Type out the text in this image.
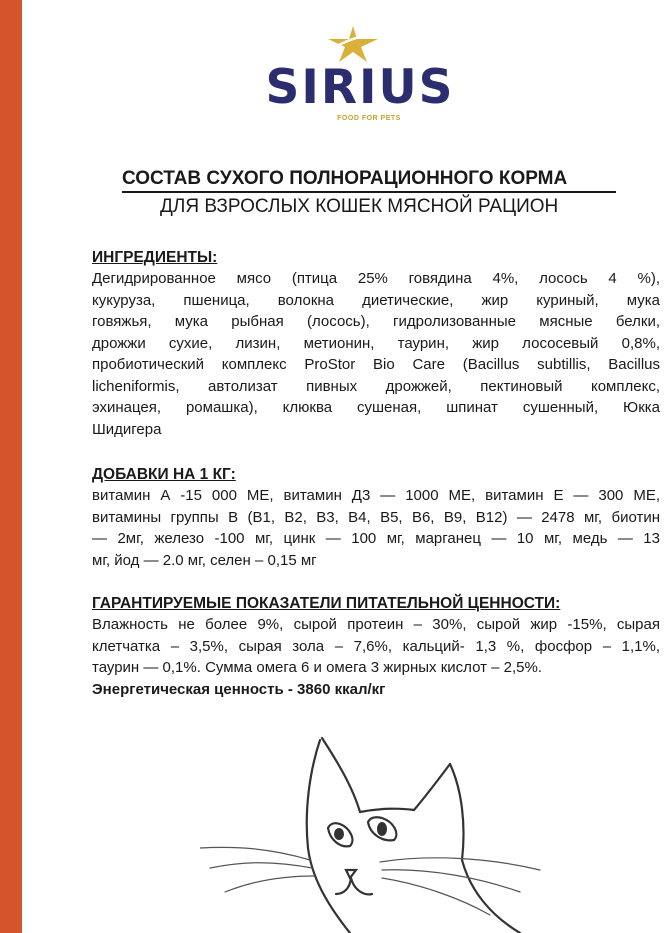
SIRIUS
FOOD FOR PETS
СОСТАВ СУХОГО ПОЛНОРАЦИОННОГО КОРМА
ДЛЯ ВЗРОСЛЫХ КОШЕК МЯСНОЙ РАЦИОН
ИНГРЕДИЕНТЫ:
Дегидрированное мясо (птица 25% говядина 4%, лосось 4 %),
кукуруза, пшеница, волокна диетические, жир куриный, мука
говяжья, мука рыбная (лосось), гидролизованные мясные белки,
дрожжи сухие, лизин, метионин, таурин, жир лососевый 0,8%,
пробиотический комплекс ProStor Bio Care (Bacillus subtillis, Bacillus
licheniformis, автолизат пивных дрожжей, пектиновый комплекс,
эхинацея, ромашка), клюква сушеная, шпинат сушенный, Юкка
Шидигера
ДОБАВКИ НА 1 КГ:
витамин А -15 000 МЕ, витамин Д3 — 1000 МЕ, витамин Е — 300 МЕ,
витамины группы В (В1, В2, В3, В4, В5, В6, В9, В12) — 2478 мг, биотин
— 2мг, железо -100 мг, цинк — 100 мг, марганец — 10 мг, медь — 13
мг, йод — 2.0 мг, селен – 0,15 мг
ГАРАНТИРУЕМЫЕ ПОКАЗАТЕЛИ ПИТАТЕЛЬНОЙ ЦЕННОСТИ:
Влажность не более 9%, сырой протеин – 30%, сырой жир -15%, сырая
клетчатка – 3,5%, сырая зола – 7,6%, кальций- 1,3 %, фосфор – 1,1%,
таурин — 0,1%. Сумма омега 6 и омега 3 жирных кислот – 2,5%.
Энергетическая ценность - 3860 ккал/кг
